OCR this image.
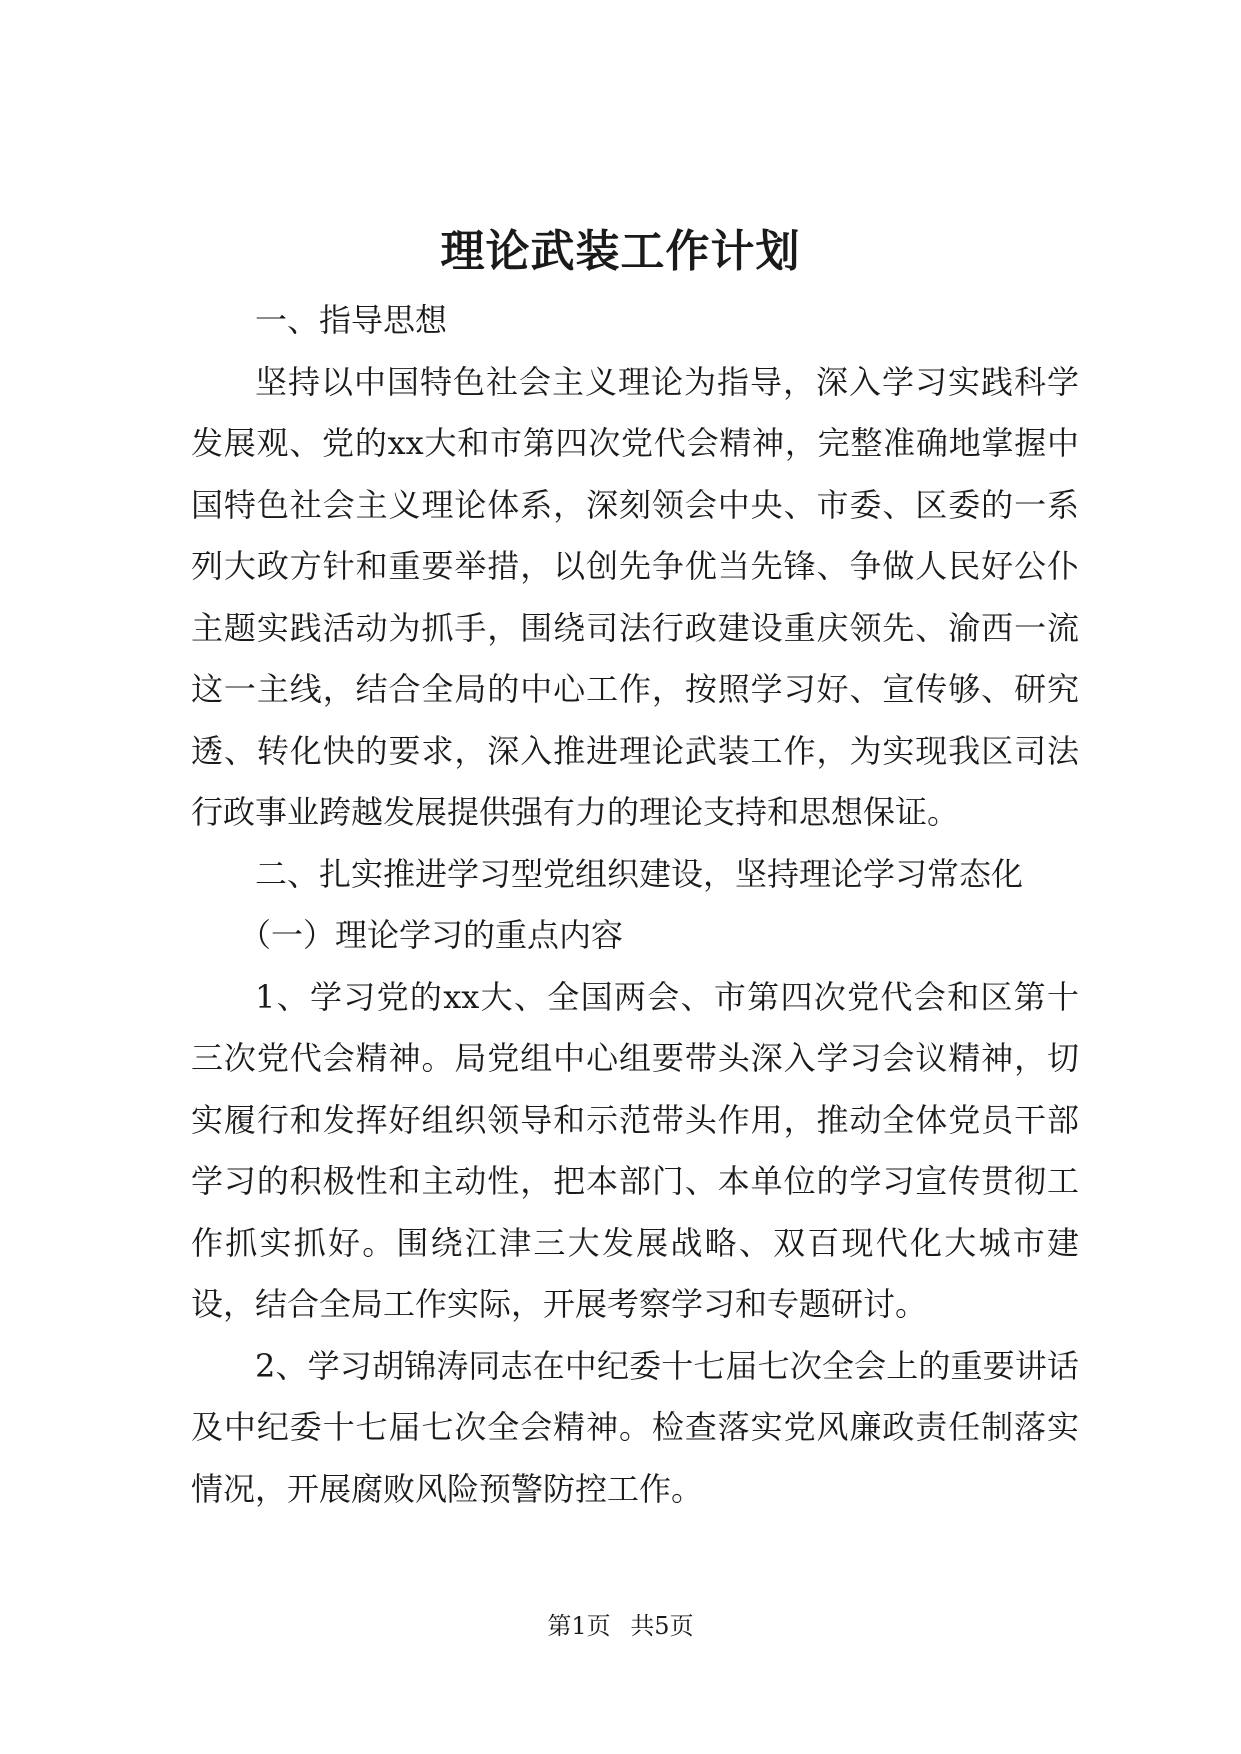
理论武装工作计划

一、指导思想

坚持以中国特色社会主义理论为指导，深入学习实践科学发展观、党的xx大和市第四次党代会精神，完整准确地掌握中国特色社会主义理论体系，深刻领会中央、市委、区委的一系列大政方针和重要举措，以创先争优当先锋、争做人民好公仆主题实践活动为抓手，围绕司法行政建设重庆领先、渝西一流这一主线，结合全局的中心工作，按照学习好、宣传够、研究透、转化快的要求，深入推进理论武装工作，为实现我区司法行政事业跨越发展提供强有力的理论支持和思想保证。

二、扎实推进学习型党组织建设，坚持理论学习常态化

（一）理论学习的重点内容

1、学习党的xx大、全国两会、市第四次党代会和区第十三次党代会精神。局党组中心组要带头深入学习会议精神，切实履行和发挥好组织领导和示范带头作用，推动全体党员干部学习的积极性和主动性，把本部门、本单位的学习宣传贯彻工作抓实抓好。围绕江津三大发展战略、双百现代化大城市建设，结合全局工作实际，开展考察学习和专题研讨。

2、学习胡锦涛同志在中纪委十七届七次全会上的重要讲话及中纪委十七届七次全会精神。检查落实党风廉政责任制落实情况，开展腐败风险预警防控工作。

第1页 共5页
